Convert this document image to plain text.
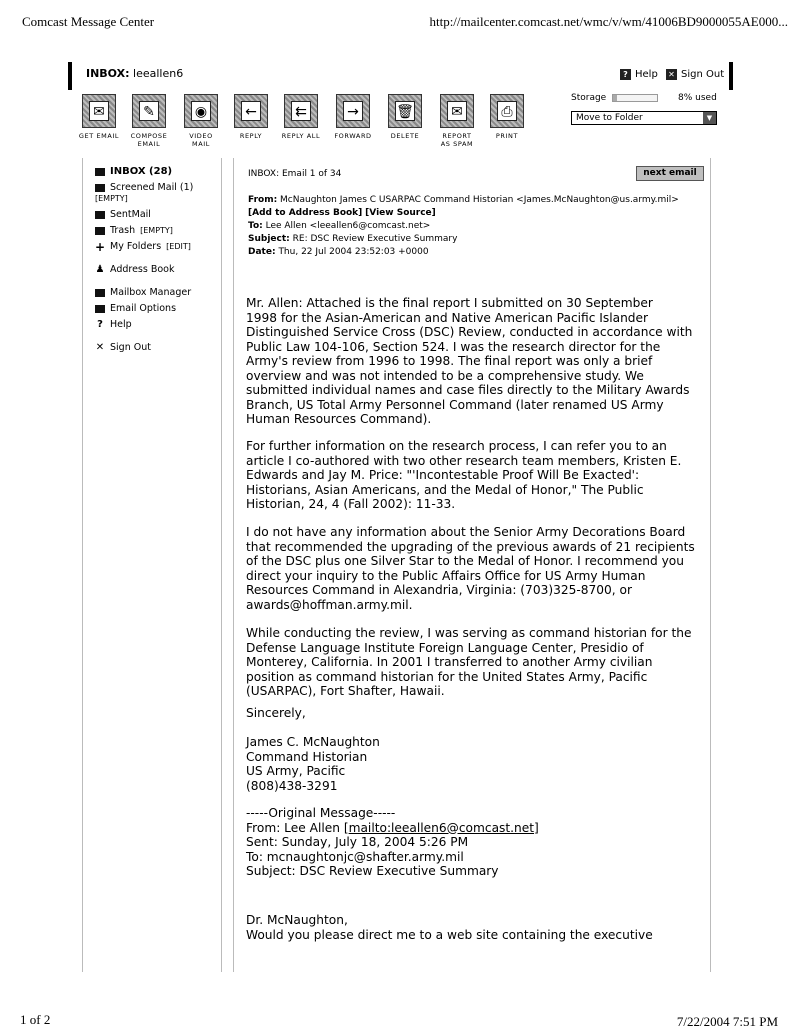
Comcast Message Center	http://mailcenter.comcast.net/wmc/v/wm/41006BD9000055AE000...
1 of 2	7/22/2004 7:51 PM
INBOX: leeallen6	? Help ✕ Sign Out
✉
GET EMAIL
✎
COMPOSE
EMAIL
◉
VIDEO
MAIL
←
REPLY
⇇
REPLY ALL
→
FORWARD
🗑
DELETE
✉
REPORT
AS SPAM
⎙
PRINT
Storage	8% used
Move to Folder	▼
INBOX (28)
Screened Mail (1)
[EMPTY]
SentMail
Trash [EMPTY]
+ My Folders [EDIT]
♟ Address Book
Mailbox Manager
Email Options
? Help
✕ Sign Out
INBOX: Email 1 of 34	next email
From: McNaughton James C USARPAC Command Historian <James.McNaughton@us.army.mil>
[Add to Address Book] [View Source]
To: Lee Allen <leeallen6@comcast.net>
Subject: RE: DSC Review Executive Summary
Date: Thu, 22 Jul 2004 23:52:03 +0000

Mr. Allen: Attached is the final report I submitted on 30 September

1998 for the Asian-American and Native American Pacific Islander

Distinguished Service Cross (DSC) Review, conducted in accordance with

Public Law 104-106, Section 524. I was the research director for the

Army's review from 1996 to 1998. The final report was only a brief

overview and was not intended to be a comprehensive study. We

submitted individual names and case files directly to the Military Awards

Branch, US Total Army Personnel Command (later renamed US Army

Human Resources Command).

For further information on the research process, I can refer you to an

article I co-authored with two other research team members, Kristen E.

Edwards and Jay M. Price: "'Incontestable Proof Will Be Exacted':

Historians, Asian Americans, and the Medal of Honor," The Public

Historian, 24, 4 (Fall 2002): 11-33.

I do not have any information about the Senior Army Decorations Board

that recommended the upgrading of the previous awards of 21 recipients

of the DSC plus one Silver Star to the Medal of Honor. I recommend you

direct your inquiry to the Public Affairs Office for US Army Human

Resources Command in Alexandria, Virginia: (703)325-8700, or

awards@hoffman.army.mil.

While conducting the review, I was serving as command historian for the

Defense Language Institute Foreign Language Center, Presidio of

Monterey, California. In 2001 I transferred to another Army civilian

position as command historian for the United States Army, Pacific

(USARPAC), Fort Shafter, Hawaii.

Sincerely,

James C. McNaughton

Command Historian

US Army, Pacific

(808)438-3291

-----Original Message-----

From: Lee Allen [mailto:leeallen6@comcast.net]

Sent: Sunday, July 18, 2004 5:26 PM

To: mcnaughtonjc@shafter.army.mil

Subject: DSC Review Executive Summary

Dr. McNaughton,

Would you please direct me to a web site containing the executive
